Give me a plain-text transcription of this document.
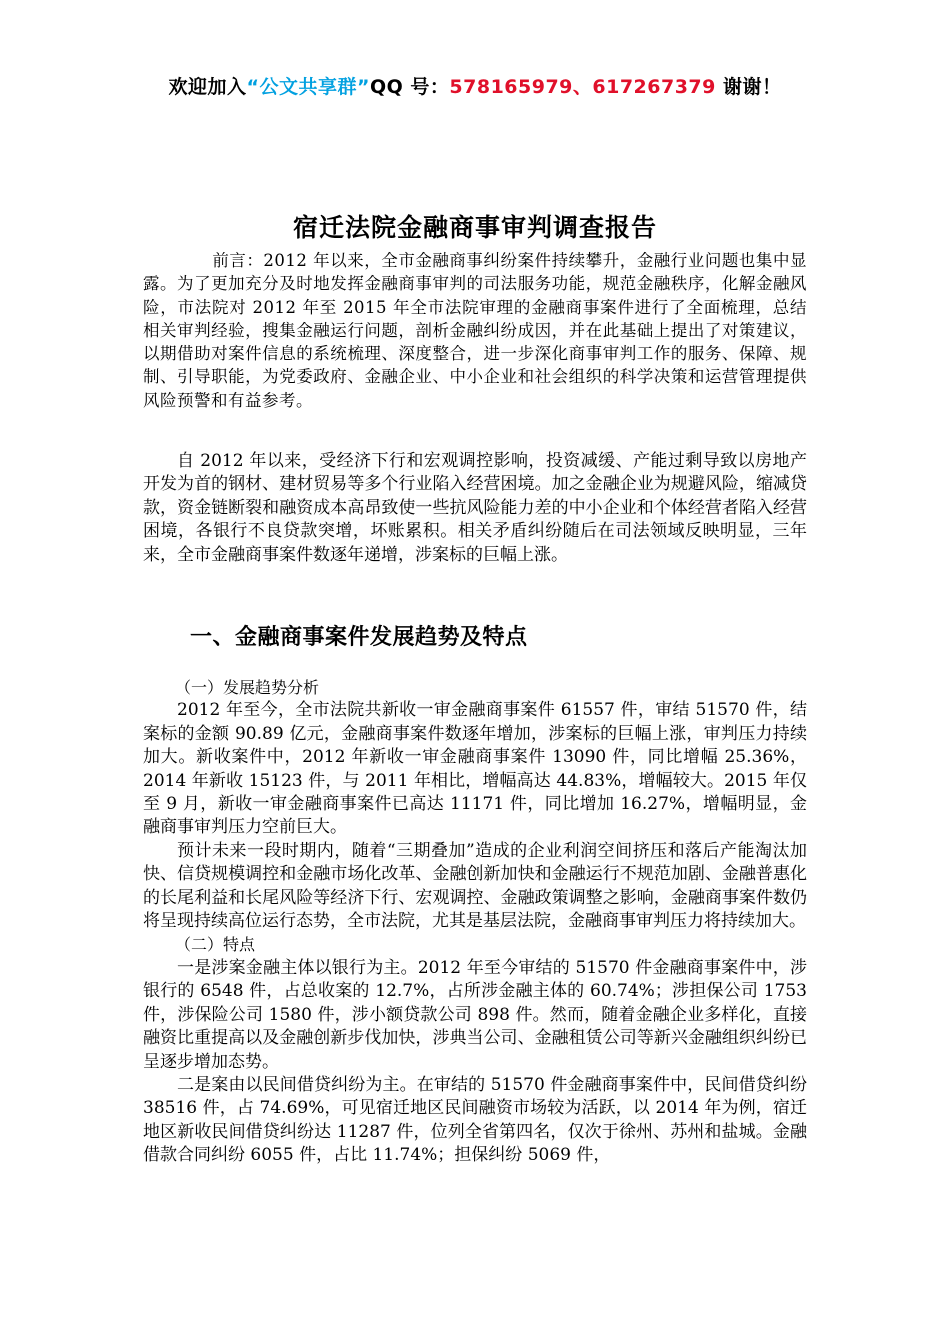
欢迎加入“公文共享群”QQ 号：578165979、617267379 谢谢！
宿迁法院金融商事审判调查报告
前言：2012 年以来，全市金融商事纠纷案件持续攀升，金融行业问题也集中显露。为了更加充分及时地发挥金融商事审判的司法服务功能，规范金融秩序，化解金融风险，市法院对 2012 年至 2015 年全市法院审理的金融商事案件进行了全面梳理，总结相关审判经验，搜集金融运行问题，剖析金融纠纷成因，并在此基础上提出了对策建议，以期借助对案件信息的系统梳理、深度整合，进一步深化商事审判工作的服务、保障、规制、引导职能，为党委政府、金融企业、中小企业和社会组织的科学决策和运营管理提供风险预警和有益参考。

自 2012 年以来，受经济下行和宏观调控影响，投资减缓、产能过剩导致以房地产开发为首的钢材、建材贸易等多个行业陷入经营困境。加之金融企业为规避风险，缩减贷款，资金链断裂和融资成本高昂致使一些抗风险能力差的中小企业和个体经营者陷入经营困境，各银行不良贷款突增，坏账累积。相关矛盾纠纷随后在司法领域反映明显，三年来，全市金融商事案件数逐年递增，涉案标的巨幅上涨。

一、金融商事案件发展趋势及特点

（一）发展趋势分析

2012 年至今，全市法院共新收一审金融商事案件 61557 件，审结 51570 件，结案标的金额 90.89 亿元，金融商事案件数逐年增加，涉案标的巨幅上涨，审判压力持续加大。新收案件中，2012 年新收一审金融商事案件 13090 件，同比增幅 25.36%，2014 年新收 15123 件，与 2011 年相比，增幅高达 44.83%，增幅较大。2015 年仅至 9 月，新收一审金融商事案件已高达 11171 件，同比增加 16.27%，增幅明显，金融商事审判压力空前巨大。

预计未来一段时期内，随着“三期叠加”造成的企业利润空间挤压和落后产能淘汰加快、信贷规模调控和金融市场化改革、金融创新加快和金融运行不规范加剧、金融普惠化的长尾利益和长尾风险等经济下行、宏观调控、金融政策调整之影响，金融商事案件数仍将呈现持续高位运行态势，全市法院，尤其是基层法院，金融商事审判压力将持续加大。

（二）特点

一是涉案金融主体以银行为主。2012 年至今审结的 51570 件金融商事案件中，涉银行的 6548 件，占总收案的 12.7%，占所涉金融主体的 60.74%；涉担保公司 1753 件，涉保险公司 1580 件，涉小额贷款公司 898 件。然而，随着金融企业多样化，直接融资比重提高以及金融创新步伐加快，涉典当公司、金融租赁公司等新兴金融组织纠纷已呈逐步增加态势。

二是案由以民间借贷纠纷为主。在审结的 51570 件金融商事案件中，民间借贷纠纷 38516 件，占 74.69%，可见宿迁地区民间融资市场较为活跃，以 2014 年为例，宿迁地区新收民间借贷纠纷达 11287 件，位列全省第四名，仅次于徐州、苏州和盐城。金融借款合同纠纷 6055 件，占比 11.74%；担保纠纷 5069 件，
